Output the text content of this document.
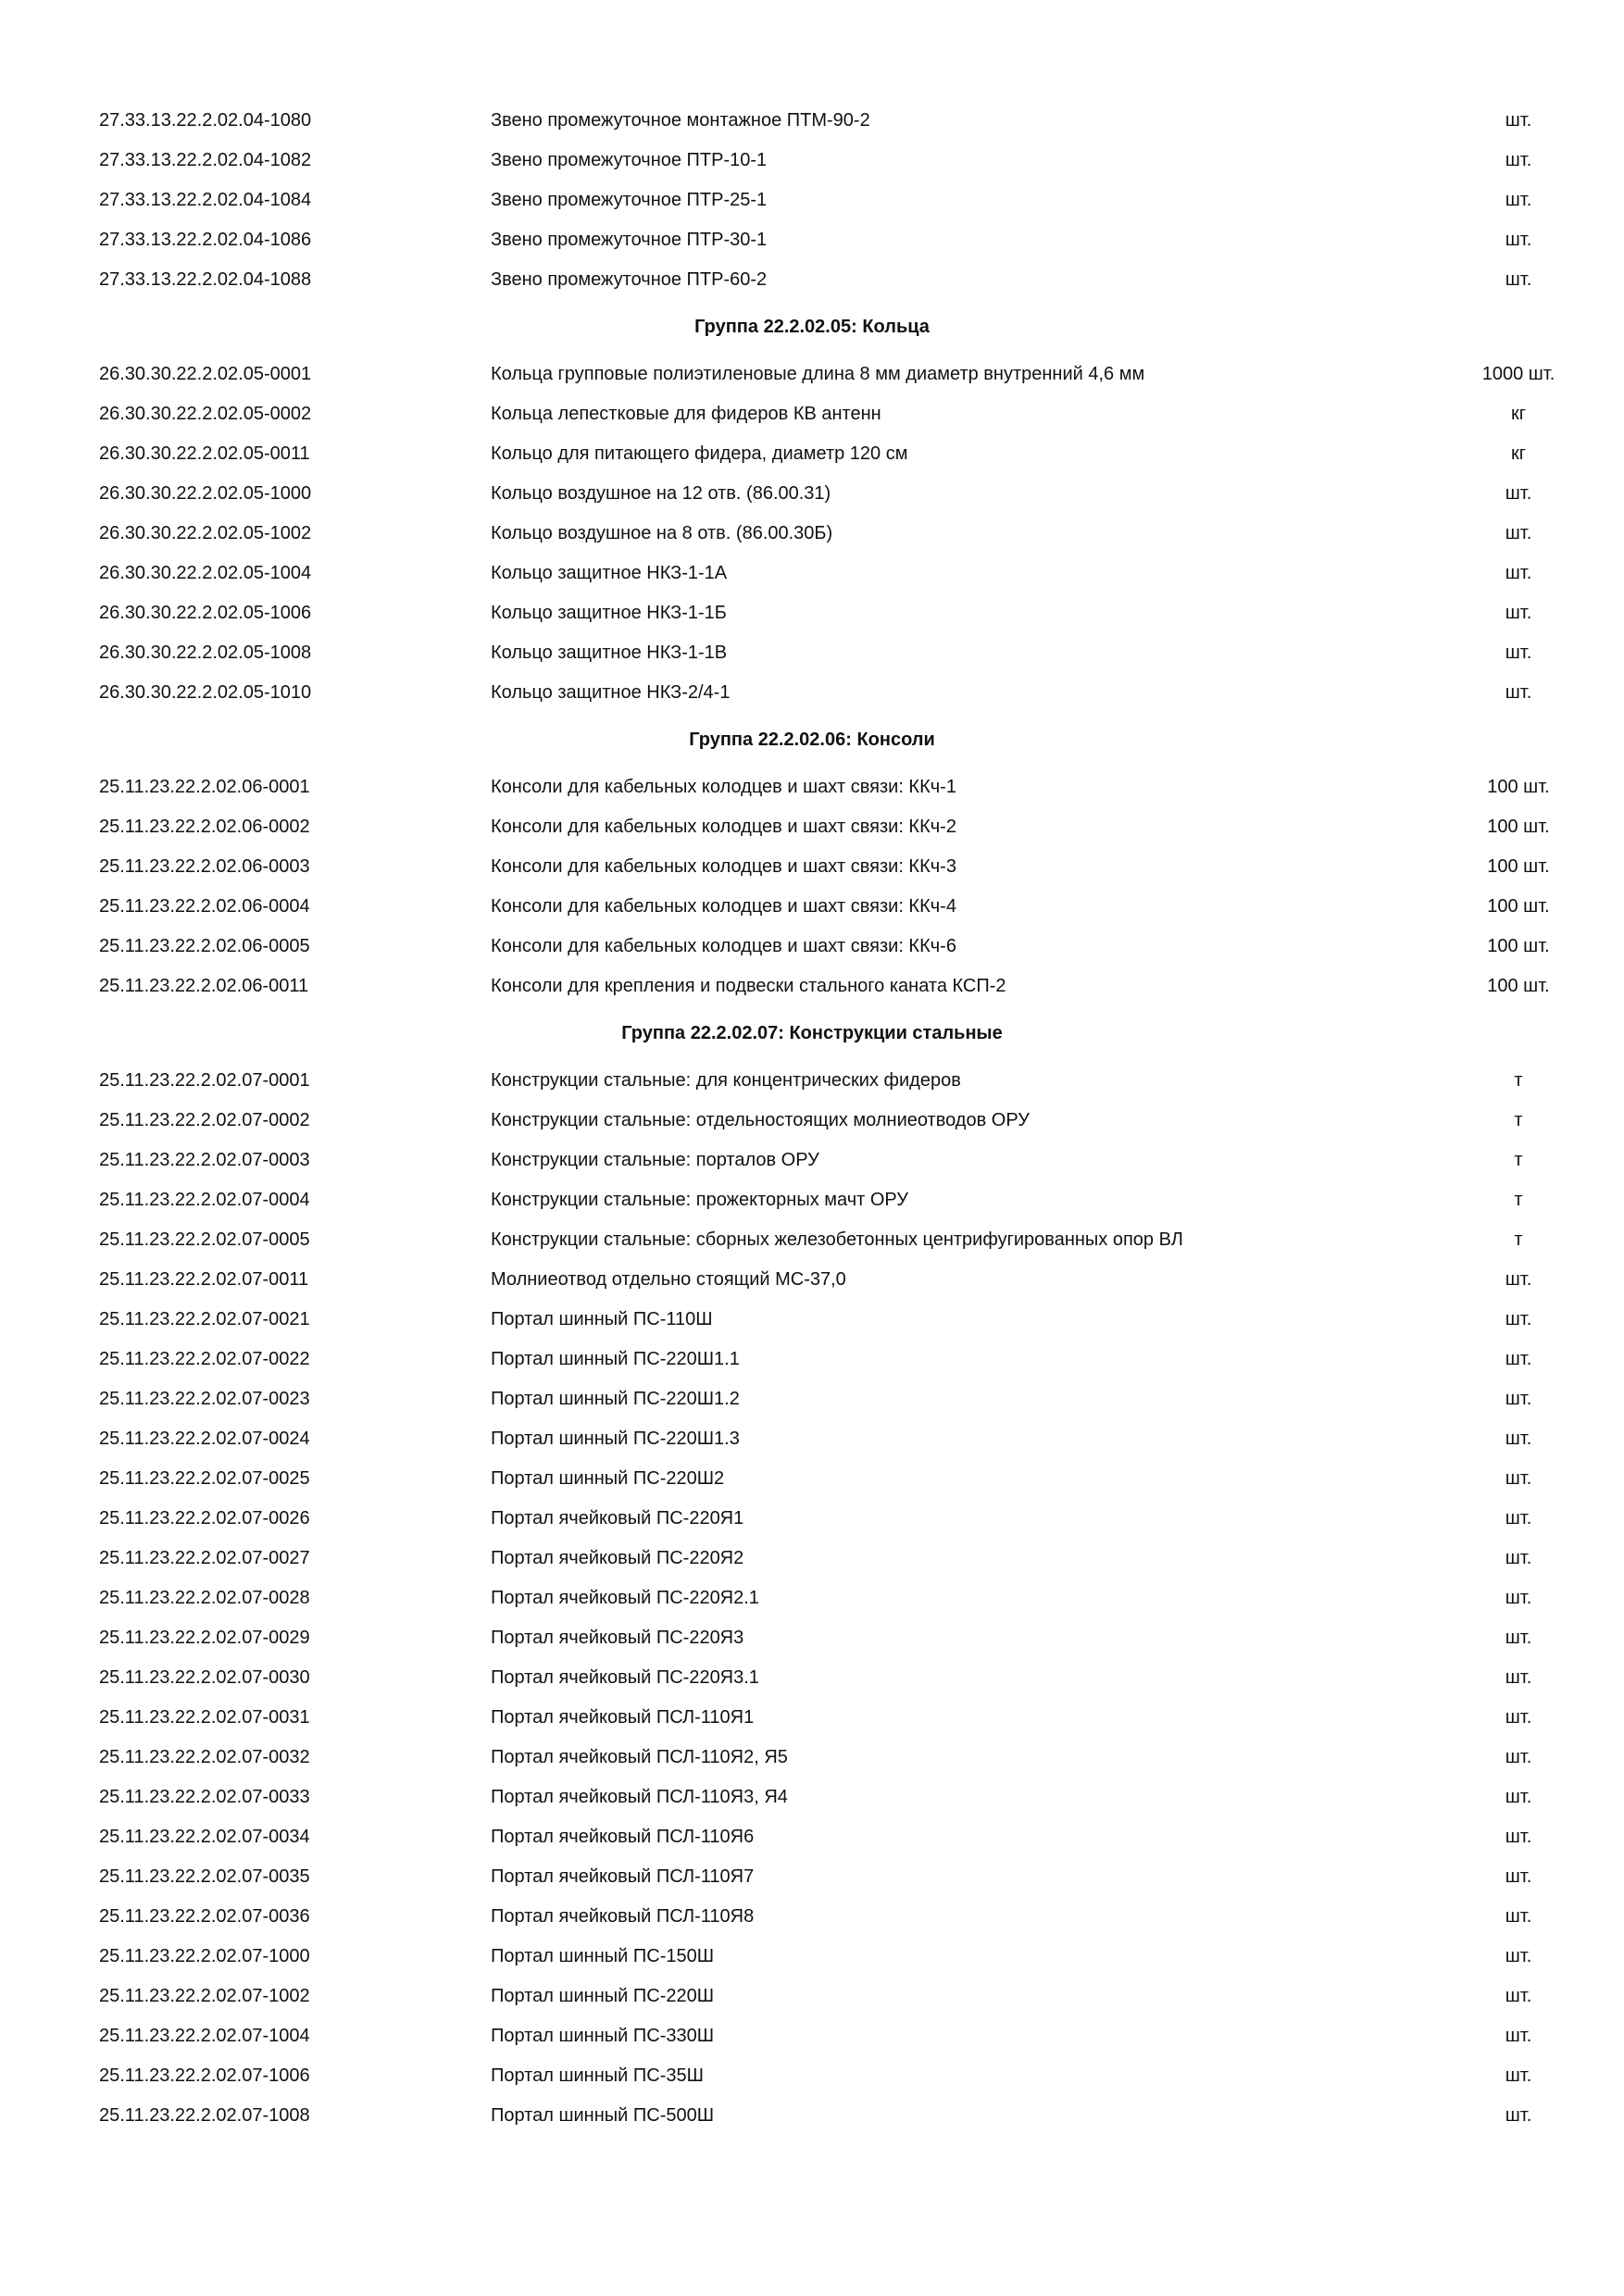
27.33.13.22.2.02.04-1080	Звено промежуточное монтажное ПТМ-90-2	шт.
27.33.13.22.2.02.04-1082	Звено промежуточное ПТР-10-1	шт.
27.33.13.22.2.02.04-1084	Звено промежуточное ПТР-25-1	шт.
27.33.13.22.2.02.04-1086	Звено промежуточное ПТР-30-1	шт.
27.33.13.22.2.02.04-1088	Звено промежуточное ПТР-60-2	шт.
Группа 22.2.02.05: Кольца
26.30.30.22.2.02.05-0001	Кольца групповые полиэтиленовые длина 8 мм диаметр внутренний 4,6 мм	1000 шт.
26.30.30.22.2.02.05-0002	Кольца лепестковые для фидеров КВ антенн	кг
26.30.30.22.2.02.05-0011	Кольцо для питающего фидера, диаметр 120 см	кг
26.30.30.22.2.02.05-1000	Кольцо воздушное на 12 отв. (86.00.31)	шт.
26.30.30.22.2.02.05-1002	Кольцо воздушное на 8 отв. (86.00.30Б)	шт.
26.30.30.22.2.02.05-1004	Кольцо защитное НКЗ-1-1А	шт.
26.30.30.22.2.02.05-1006	Кольцо защитное НКЗ-1-1Б	шт.
26.30.30.22.2.02.05-1008	Кольцо защитное НКЗ-1-1В	шт.
26.30.30.22.2.02.05-1010	Кольцо защитное НКЗ-2/4-1	шт.
Группа 22.2.02.06: Консоли
25.11.23.22.2.02.06-0001	Консоли для кабельных колодцев и шахт связи: ККч-1	100 шт.
25.11.23.22.2.02.06-0002	Консоли для кабельных колодцев и шахт связи: ККч-2	100 шт.
25.11.23.22.2.02.06-0003	Консоли для кабельных колодцев и шахт связи: ККч-3	100 шт.
25.11.23.22.2.02.06-0004	Консоли для кабельных колодцев и шахт связи: ККч-4	100 шт.
25.11.23.22.2.02.06-0005	Консоли для кабельных колодцев и шахт связи: ККч-6	100 шт.
25.11.23.22.2.02.06-0011	Консоли для крепления и подвески стального каната КСП-2	100 шт.
Группа 22.2.02.07: Конструкции стальные
25.11.23.22.2.02.07-0001	Конструкции стальные: для концентрических фидеров	т
25.11.23.22.2.02.07-0002	Конструкции стальные: отдельностоящих молниеотводов ОРУ	т
25.11.23.22.2.02.07-0003	Конструкции стальные: порталов ОРУ	т
25.11.23.22.2.02.07-0004	Конструкции стальные: прожекторных мачт ОРУ	т
25.11.23.22.2.02.07-0005	Конструкции стальные: сборных железобетонных центрифугированных опор ВЛ	т
25.11.23.22.2.02.07-0011	Молниеотвод отдельно стоящий МС-37,0	шт.
25.11.23.22.2.02.07-0021	Портал шинный ПС-110Ш	шт.
25.11.23.22.2.02.07-0022	Портал шинный ПС-220Ш1.1	шт.
25.11.23.22.2.02.07-0023	Портал шинный ПС-220Ш1.2	шт.
25.11.23.22.2.02.07-0024	Портал шинный ПС-220Ш1.3	шт.
25.11.23.22.2.02.07-0025	Портал шинный ПС-220Ш2	шт.
25.11.23.22.2.02.07-0026	Портал ячейковый ПС-220Я1	шт.
25.11.23.22.2.02.07-0027	Портал ячейковый ПС-220Я2	шт.
25.11.23.22.2.02.07-0028	Портал ячейковый ПС-220Я2.1	шт.
25.11.23.22.2.02.07-0029	Портал ячейковый ПС-220Я3	шт.
25.11.23.22.2.02.07-0030	Портал ячейковый ПС-220Я3.1	шт.
25.11.23.22.2.02.07-0031	Портал ячейковый ПСЛ-110Я1	шт.
25.11.23.22.2.02.07-0032	Портал ячейковый ПСЛ-110Я2, Я5	шт.
25.11.23.22.2.02.07-0033	Портал ячейковый ПСЛ-110Я3, Я4	шт.
25.11.23.22.2.02.07-0034	Портал ячейковый ПСЛ-110Я6	шт.
25.11.23.22.2.02.07-0035	Портал ячейковый ПСЛ-110Я7	шт.
25.11.23.22.2.02.07-0036	Портал ячейковый ПСЛ-110Я8	шт.
25.11.23.22.2.02.07-1000	Портал шинный ПС-150Ш	шт.
25.11.23.22.2.02.07-1002	Портал шинный ПС-220Ш	шт.
25.11.23.22.2.02.07-1004	Портал шинный ПС-330Ш	шт.
25.11.23.22.2.02.07-1006	Портал шинный ПС-35Ш	шт.
25.11.23.22.2.02.07-1008	Портал шинный ПС-500Ш	шт.
